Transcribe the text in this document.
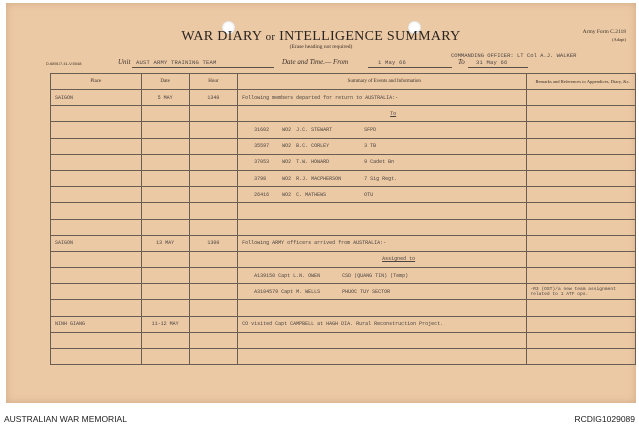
WAR DIARY or INTELLIGENCE SUMMARY
(Erase heading not required)
Army Form C.2118
(Adapt)
COMMANDING OFFICER: LT Col A.J. WALKER
D.6891/7.41-V.5048	Unit AUST ARMY TRAINING TEAM	Date and Time.— From	1 May 66	To 31 May 66
Place	Date	Hour	Summary of Events and Information	Remarks and References to Appendices, Diary, &c.
SAIGON	5 MAY	1340	Following members departed for return to AUSTRALIA:-	
			To	
			31602 WO2 J.C. STEWART SFPD	
			35597 WO2 B.C. CORLEY 3 TB	
			37053 WO2 T.W. HOWARD 9 Cadet Bn	
			3798 WO2 R.J. MACPHERSON 7 Sig Regt.	
			26416 WO2 C. MATHEWS OTU	

SAIGON	13 MAY	1300	Following ARMY officers arrived from AUSTRALIA:-	
			Assigned to	
			A139150 Capt L.N. OWEN CSD (QUANG TIN) (Temp)	
			A3104579 Capt M. WELLS PHUOC TUY SECTOR	-R3 (OST)/a new team assignment related to 1 ATF ops.

NINH GIANG	11-12 MAY		CO visited Capt CAMPBELL at HAGH DIA. Rural Reconstruction Project.	

AUSTRALIAN WAR MEMORIAL	RCDIG1029089
